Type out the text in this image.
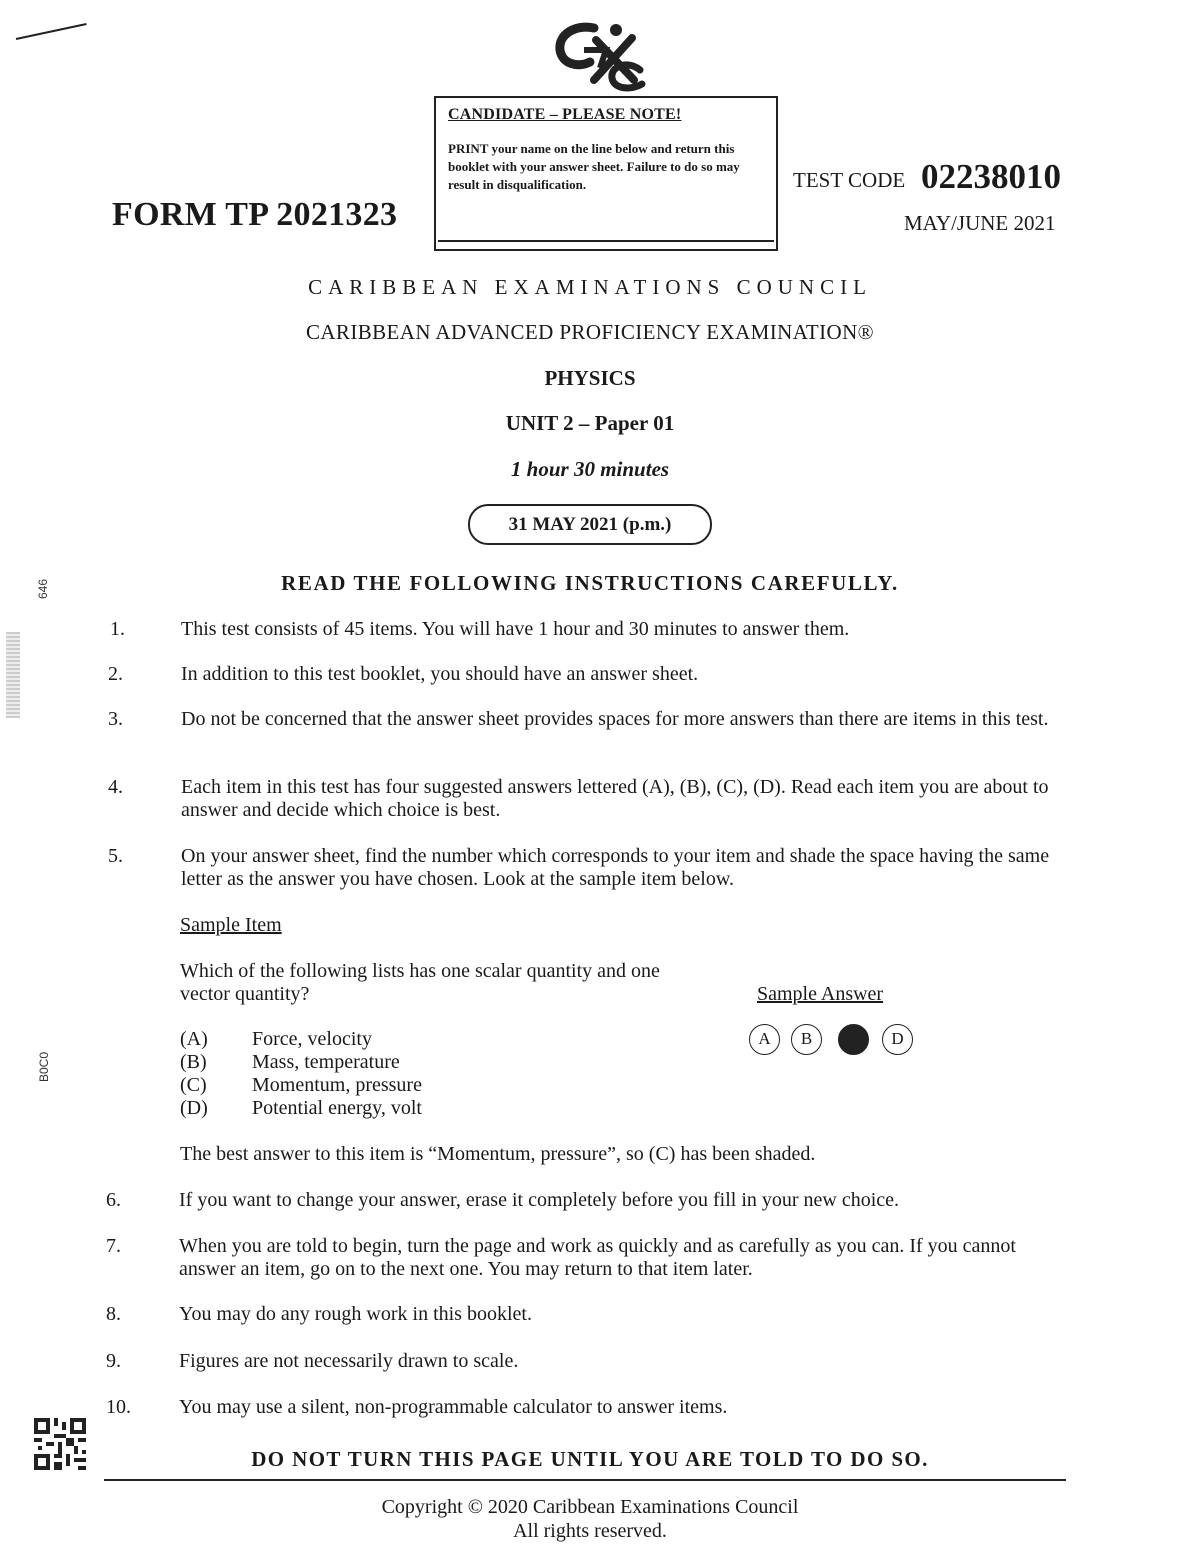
CANDIDATE – PLEASE NOTE!
PRINT your name on the line below and return this booklet with your answer sheet. Failure to do so may result in disqualification.
FORM TP 2021323
TEST CODE 02238010
MAY/JUNE 2021
CARIBBEAN EXAMINATIONS COUNCIL
CARIBBEAN ADVANCED PROFICIENCY EXAMINATION®
PHYSICS
UNIT 2 – Paper 01
1 hour 30 minutes
31 MAY 2021 (p.m.)
646
B0C0
READ THE FOLLOWING INSTRUCTIONS CAREFULLY.
1.	This test consists of 45 items. You will have 1 hour and 30 minutes to answer them.
2.	In addition to this test booklet, you should have an answer sheet.
3.	Do not be concerned that the answer sheet provides spaces for more answers than there are items in this test.
4.	Each item in this test has four suggested answers lettered (A), (B), (C), (D). Read each item you are about to answer and decide which choice is best.
5.	On your answer sheet, find the number which corresponds to your item and shade the space having the same letter as the answer you have chosen. Look at the sample item below.
Sample Item
Which of the following lists has one scalar quantity and one vector quantity?	Sample Answer
(A) Force, velocity
(B) Mass, temperature
(C) Momentum, pressure
(D) Potential energy, volt
A	B	C	D
The best answer to this item is “Momentum, pressure”, so (C) has been shaded.
6.	If you want to change your answer, erase it completely before you fill in your new choice.
7.	When you are told to begin, turn the page and work as quickly and as carefully as you can. If you cannot answer an item, go on to the next one. You may return to that item later.
8.	You may do any rough work in this booklet.
9.	Figures are not necessarily drawn to scale.
10. You may use a silent, non-programmable calculator to answer items.
DO NOT TURN THIS PAGE UNTIL YOU ARE TOLD TO DO SO.
Copyright © 2020 Caribbean Examinations Council
All rights reserved.
